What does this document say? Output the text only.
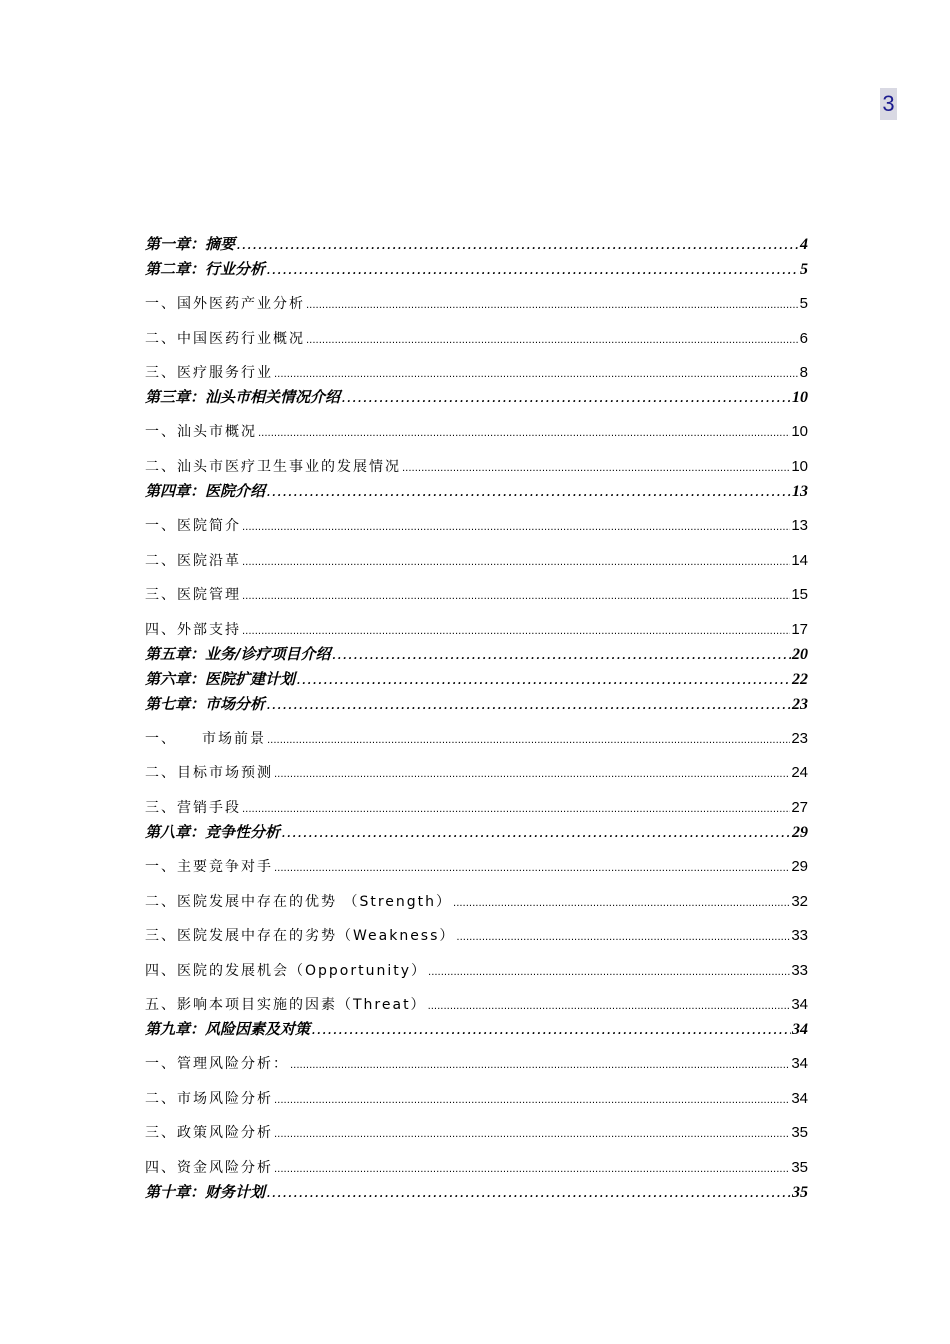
3
第一章：摘要 .....	4
第二章：行业分析 .....	5
一、国外医药产业分析 .....	5
二、中国医药行业概况 .....	6
三、医疗服务行业 .....	8
第三章：汕头市相关情况介绍 .....	10
一、汕头市概况 .....	10
二、汕头市医疗卫生事业的发展情况 .....	10
第四章：医院介绍 .....	13
一、医院简介 .....	13
二、医院沿革 .....	14
三、医院管理 .....	15
四、外部支持 .....	17
第五章：业务/诊疗项目介绍 .....	20
第六章：医院扩建计划 .....	22
第七章：市场分析 .....	23
一、　　市场前景 .....	23
二、目标市场预测 .....	24
三、营销手段 .....	27
第八章：竞争性分析 .....	29
一、主要竞争对手 .....	29
二、医院发展中存在的优势 （Strength） .....	32
三、医院发展中存在的劣势（Weakness） .....	33
四、医院的发展机会（Opportunity） .....	33
五、影响本项目实施的因素（Threat） .....	34
第九章：风险因素及对策 .....	34
一、管理风险分析： .....	34
二、市场风险分析 .....	34
三、政策风险分析 .....	35
四、资金风险分析 .....	35
第十章：财务计划 .....	35
